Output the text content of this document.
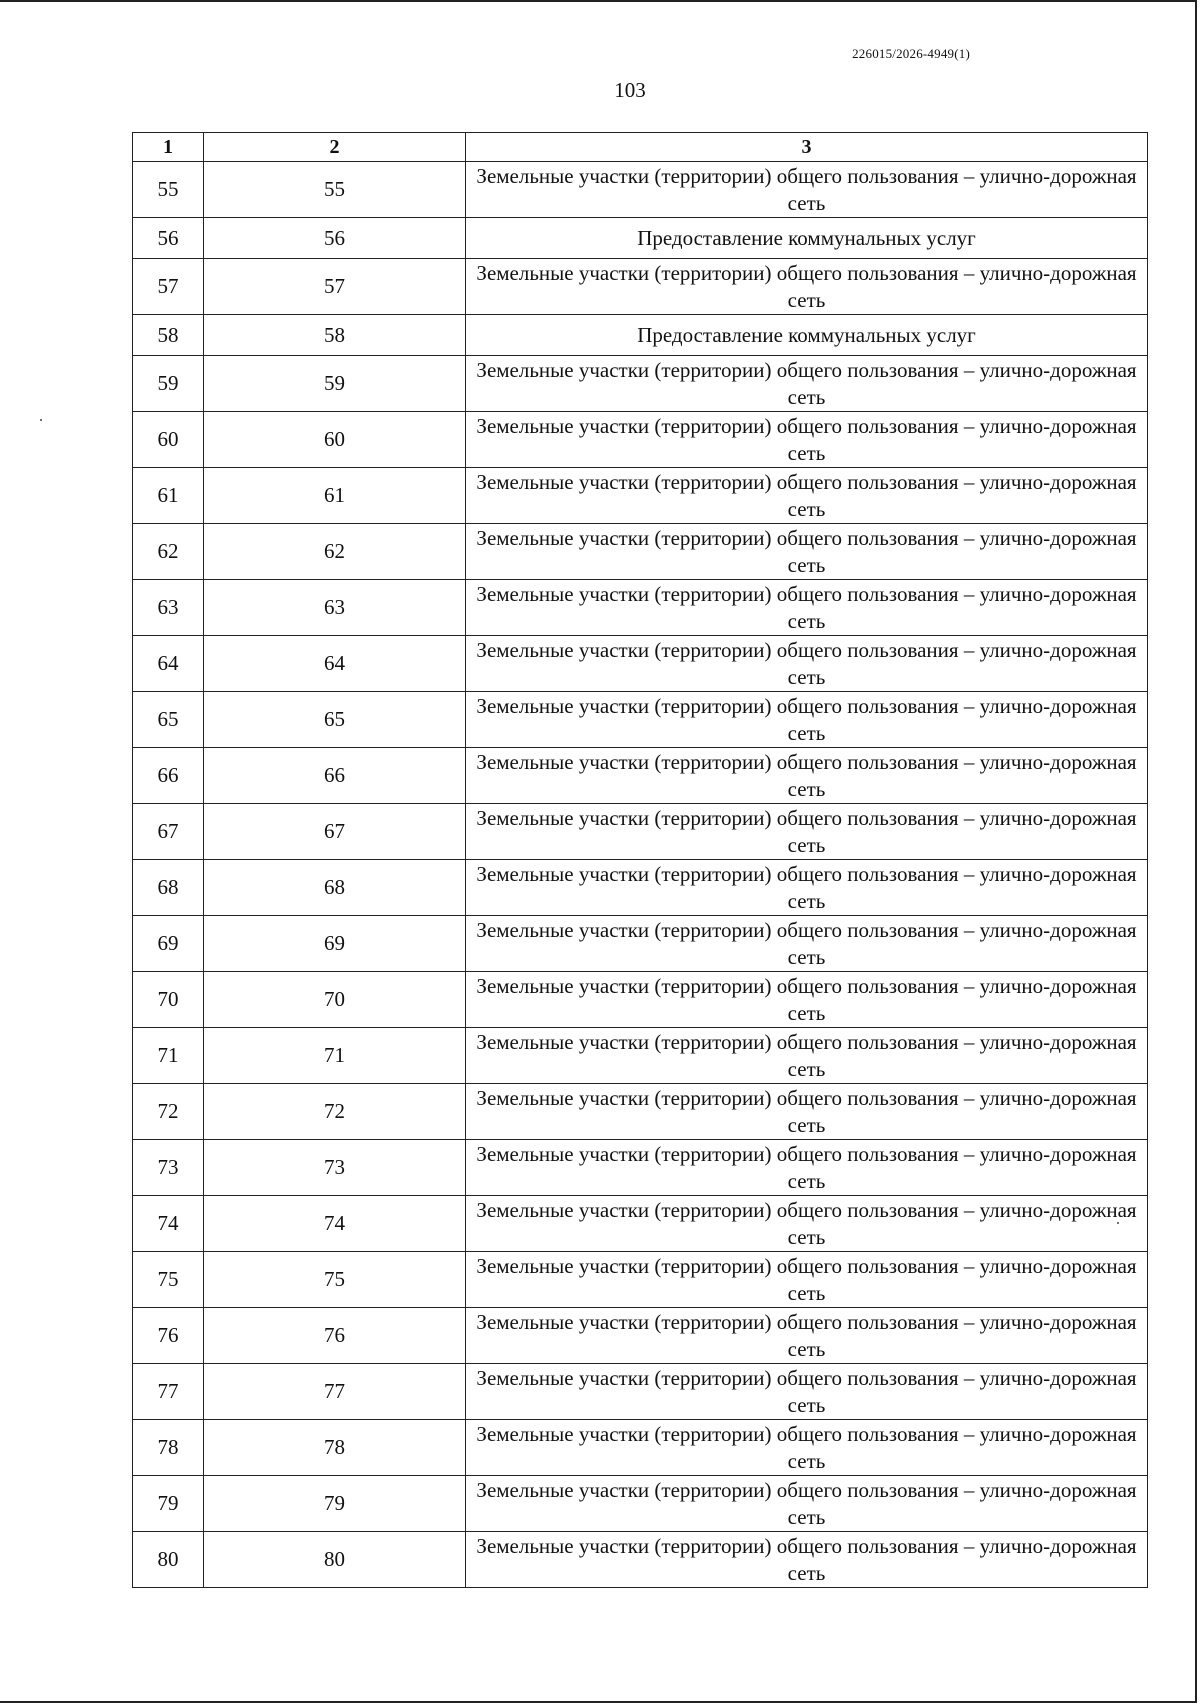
226015/2026-4949(1)
103
1	2	3
55	55	Земельные участки (территории) общего пользования – улично-дорожная сеть
56	56	Предоставление коммунальных услуг
57	57	Земельные участки (территории) общего пользования – улично-дорожная сеть
58	58	Предоставление коммунальных услуг
59	59	Земельные участки (территории) общего пользования – улично-дорожная сеть
60	60	Земельные участки (территории) общего пользования – улично-дорожная сеть
61	61	Земельные участки (территории) общего пользования – улично-дорожная сеть
62	62	Земельные участки (территории) общего пользования – улично-дорожная сеть
63	63	Земельные участки (территории) общего пользования – улично-дорожная сеть
64	64	Земельные участки (территории) общего пользования – улично-дорожная сеть
65	65	Земельные участки (территории) общего пользования – улично-дорожная сеть
66	66	Земельные участки (территории) общего пользования – улично-дорожная сеть
67	67	Земельные участки (территории) общего пользования – улично-дорожная сеть
68	68	Земельные участки (территории) общего пользования – улично-дорожная сеть
69	69	Земельные участки (территории) общего пользования – улично-дорожная сеть
70	70	Земельные участки (территории) общего пользования – улично-дорожная сеть
71	71	Земельные участки (территории) общего пользования – улично-дорожная сеть
72	72	Земельные участки (территории) общего пользования – улично-дорожная сеть
73	73	Земельные участки (территории) общего пользования – улично-дорожная сеть
74	74	Земельные участки (территории) общего пользования – улично-дорожная сеть
75	75	Земельные участки (территории) общего пользования – улично-дорожная сеть
76	76	Земельные участки (территории) общего пользования – улично-дорожная сеть
77	77	Земельные участки (территории) общего пользования – улично-дорожная сеть
78	78	Земельные участки (территории) общего пользования – улично-дорожная сеть
79	79	Земельные участки (территории) общего пользования – улично-дорожная сеть
80	80	Земельные участки (территории) общего пользования – улично-дорожная сеть
